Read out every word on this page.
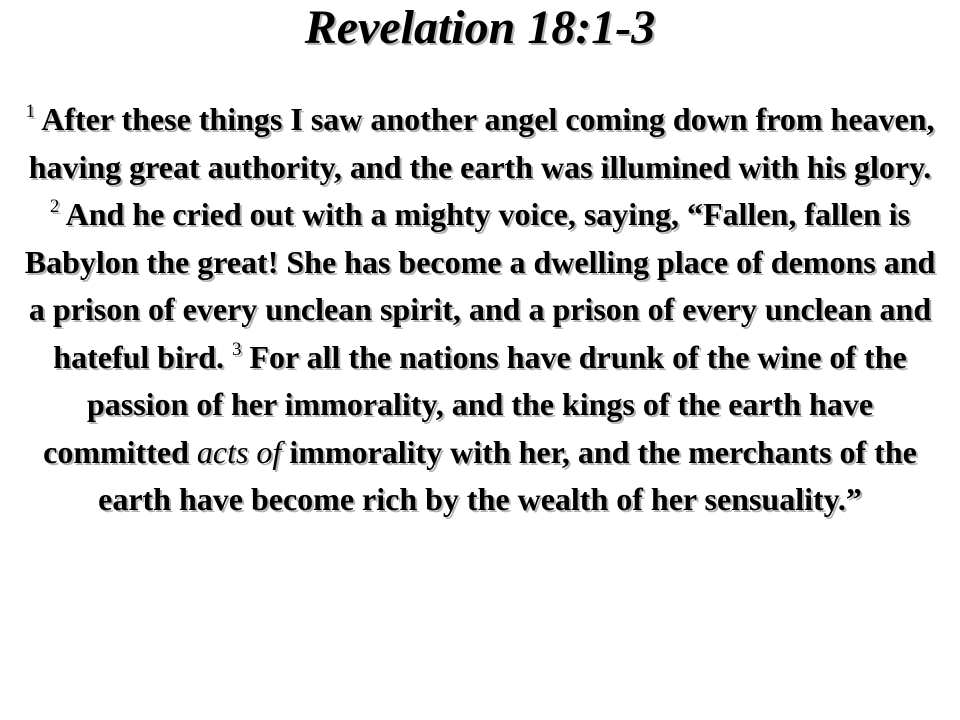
Revelation 18:1-3

$^1$ After these things I saw another angel coming down from heaven, having great authority, and the earth was illumined with his glory. $^2$ And he cried out with a mighty voice, saying, “Fallen, fallen is Babylon the great! She has become a dwelling place of demons and a prison of every unclean spirit, and a prison of every unclean and hateful bird. $^3$ For all the nations have drunk of the wine of the passion of her immorality, and the kings of the earth have committed acts of immorality with her, and the merchants of the earth have become rich by the wealth of her sensuality.”
